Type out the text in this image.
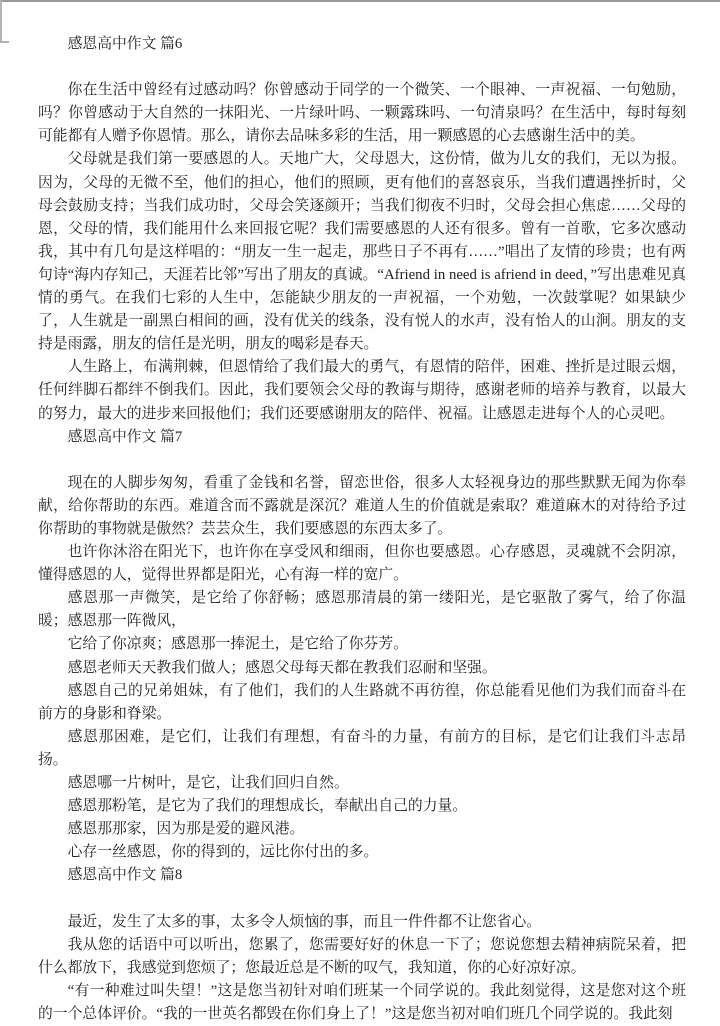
感恩高中作文 篇6

你在生活中曾经有过感动吗？你曾感动于同学的一个微笑、一个眼神、一声祝福、一句勉励，吗？你曾感动于大自然的一抹阳光、一片绿叶吗、一颗露珠吗、一句清泉吗？在生活中，每时每刻可能都有人赠予你恩情。那么，请你去品味多彩的生活，用一颗感恩的心去感谢生活中的美。

父母就是我们第一要感恩的人。天地广大，父母恩大，这份情，做为儿女的我们，无以为报。因为，父母的无微不至，他们的担心，他们的照顾，更有他们的喜怒哀乐，当我们遭遇挫折时，父母会鼓励支持；当我们成功时，父母会笑逐颜开；当我们彻夜不归时，父母会担心焦虑……父母的恩，父母的情，我们能用什么来回报它呢？我们需要感恩的人还有很多。曾有一首歌，它多次感动我，其中有几句是这样唱的：“朋友一生一起走，那些日子不再有……”唱出了友情的珍贵；也有两句诗“海内存知己，天涯若比邻”写出了朋友的真诚。“Afriend in need is afriend in deed，”写出患难见真情的勇气。在我们七彩的人生中，怎能缺少朋友的一声祝福，一个劝勉，一次鼓掌呢？如果缺少了，人生就是一副黑白相间的画，没有优关的线条，没有悦人的水声，没有怡人的山涧。朋友的支持是雨露，朋友的信任是光明，朋友的喝彩是春天。

人生路上，布满荆棘，但恩情给了我们最大的勇气，有恩情的陪伴，困难、挫折是过眼云烟，任何绊脚石都绊不倒我们。因此，我们要领会父母的教诲与期待，感谢老师的培养与教育，以最大的努力，最大的进步来回报他们；我们还要感谢朋友的陪伴、祝福。让感恩走进每个人的心灵吧。

感恩高中作文 篇7

现在的人脚步匆匆，看重了金钱和名誉，留恋世俗，很多人太轻视身边的那些默默无闻为你奉献，给你帮助的东西。难道含而不露就是深沉？难道人生的价值就是索取？难道麻木的对待给予过你帮助的事物就是傲然？芸芸众生，我们要感恩的东西太多了。

也许你沐浴在阳光下，也许你在享受风和细雨，但你也要感恩。心存感恩，灵魂就不会阴凉，懂得感恩的人，觉得世界都是阳光，心有海一样的宽广。

感恩那一声微笑，是它给了你舒畅；感恩那清晨的第一缕阳光，是它驱散了雾气，给了你温暖；感恩那一阵微风，

它给了你凉爽；感恩那一捧泥土，是它给了你芬芳。

感恩老师天天教我们做人；感恩父母每天都在教我们忍耐和坚强。

感恩自己的兄弟姐妹，有了他们，我们的人生路就不再彷徨，你总能看见他们为我们而奋斗在前方的身影和脊梁。

感恩那困难，是它们，让我们有理想，有奋斗的力量，有前方的目标，是它们让我们斗志昂扬。

感恩哪一片树叶，是它，让我们回归自然。

感恩那粉笔，是它为了我们的理想成长，奉献出自己的力量。

感恩那那家，因为那是爱的避风港。

心存一丝感恩，你的得到的，远比你付出的多。

感恩高中作文 篇8

最近，发生了太多的事，太多令人烦恼的事，而且一件件都不让您省心。

我从您的话语中可以听出，您累了，您需要好好的休息一下了；您说您想去精神病院呆着，把什么都放下，我感觉到您烦了；您最近总是不断的叹气，我知道，你的心好凉好凉。

“有一种难过叫失望！”这是您当初针对咱们班某一个同学说的。我此刻觉得，这是您对这个班的一个总体评价。“我的一世英名都毁在你们身上了！”这是您当初对咱们班几个同学说的。我此刻
